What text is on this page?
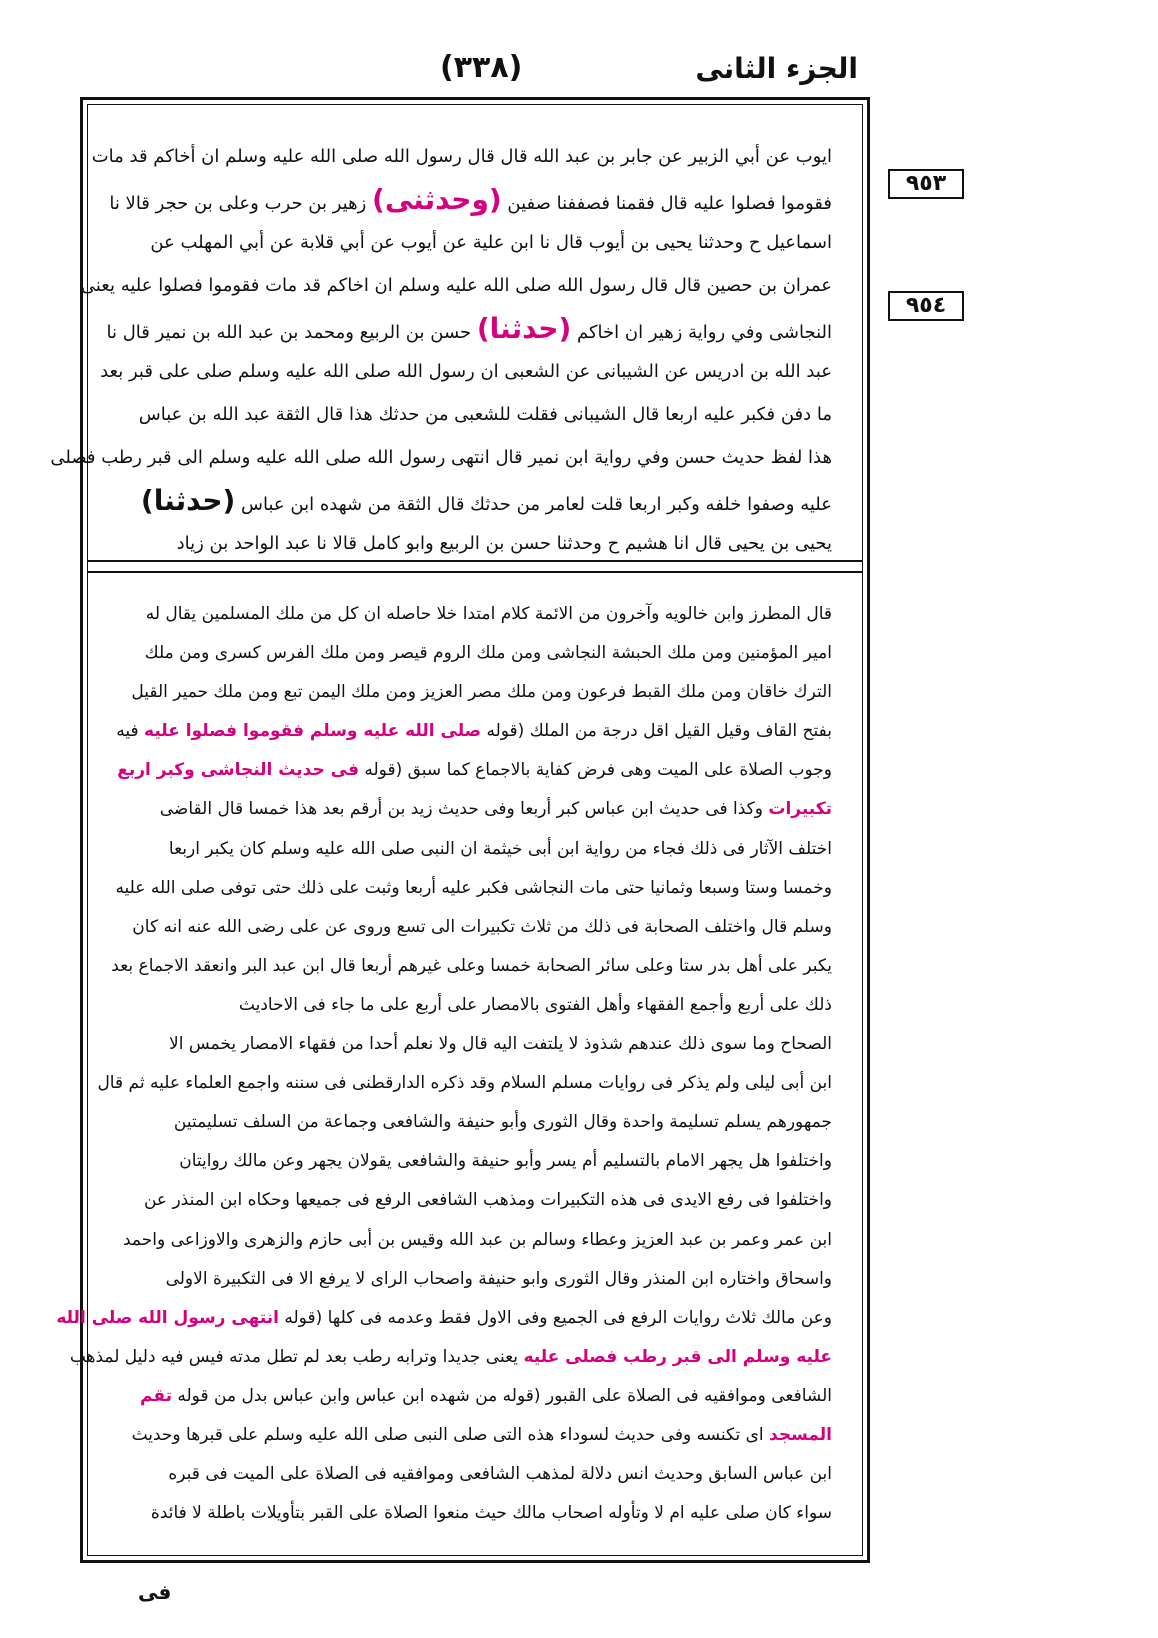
الجزء الثانى
(٣٣٨)
٩٥٣
٩٥٤

ايوب عن أبي الزبير عن جابر بن عبد الله قال قال رسول الله صلى الله عليه وسلم ان أخاكم قد مات

فقوموا فصلوا عليه قال فقمنا فصففنا صفين (وحدثنى) زهير بن حرب وعلى بن حجر قالا نا

اسماعيل ح وحدثنا يحيى بن أيوب قال نا ابن علية عن أيوب عن أبي قلابة عن أبي المهلب عن

عمران بن حصين قال قال رسول الله صلى الله عليه وسلم ان اخاكم قد مات فقوموا فصلوا عليه يعنى

النجاشى وفي رواية زهير ان اخاكم (حدثنا) حسن بن الربيع ومحمد بن عبد الله بن نمير قال نا

عبد الله بن ادريس عن الشيبانى عن الشعبى ان رسول الله صلى الله عليه وسلم صلى على قبر بعد

ما دفن فكبر عليه اربعا قال الشيبانى فقلت للشعبى من حدثك هذا قال الثقة عبد الله بن عباس

هذا لفظ حديث حسن وفي رواية ابن نمير قال انتهى رسول الله صلى الله عليه وسلم الى قبر رطب فصلى

عليه وصفوا خلفه وكبر اربعا قلت لعامر من حدثك قال الثقة من شهده ابن عباس (حدثنا)

يحيى بن يحيى قال انا هشيم ح وحدثنا حسن بن الربيع وابو كامل قالا نا عبد الواحد بن زياد

قال المطرز وابن خالويه وآخرون من الائمة كلام امتدا خلا حاصله ان كل من ملك المسلمين يقال له

امير المؤمنين ومن ملك الحبشة النجاشى ومن ملك الروم قيصر ومن ملك الفرس كسرى ومن ملك

الترك خاقان ومن ملك القبط فرعون ومن ملك مصر العزيز ومن ملك اليمن تبع ومن ملك حمير القيل

بفتح القاف وقيل القيل اقل درجة من الملك (قوله صلى الله عليه وسلم فقوموا فصلوا عليه فيه

وجوب الصلاة على الميت وهى فرض كفاية بالاجماع كما سبق (قوله فى حديث النجاشى وكبر اربع

تكبيرات وكذا فى حديث ابن عباس كبر أربعا وفى حديث زيد بن أرقم بعد هذا خمسا قال القاضى

اختلف الآثار فى ذلك فجاء من رواية ابن أبى خيثمة ان النبى صلى الله عليه وسلم كان يكبر اربعا

وخمسا وستا وسبعا وثمانيا حتى مات النجاشى فكبر عليه أربعا وثبت على ذلك حتى توفى صلى الله عليه

وسلم قال واختلف الصحابة فى ذلك من ثلاث تكبيرات الى تسع وروى عن على رضى الله عنه انه كان

يكبر على أهل بدر ستا وعلى سائر الصحابة خمسا وعلى غيرهم أربعا قال ابن عبد البر وانعقد الاجماع بعد

ذلك على أربع وأجمع الفقهاء وأهل الفتوى بالامصار على أربع على ما جاء فى الاحاديث

الصحاح وما سوى ذلك عندهم شذوذ لا يلتفت اليه قال ولا نعلم أحدا من فقهاء الامصار يخمس الا

ابن أبى ليلى ولم يذكر فى روايات مسلم السلام وقد ذكره الدارقطنى فى سننه واجمع العلماء عليه ثم قال

جمهورهم يسلم تسليمة واحدة وقال الثورى وأبو حنيفة والشافعى وجماعة من السلف تسليمتين

واختلفوا هل يجهر الامام بالتسليم أم يسر وأبو حنيفة والشافعى يقولان يجهر وعن مالك روايتان

واختلفوا فى رفع الايدى فى هذه التكبيرات ومذهب الشافعى الرفع فى جميعها وحكاه ابن المنذر عن

ابن عمر وعمر بن عبد العزيز وعطاء وسالم بن عبد الله وقيس بن أبى حازم والزهرى والاوزاعى واحمد

واسحاق واختاره ابن المنذر وقال الثورى وابو حنيفة واصحاب الراى لا يرفع الا فى التكبيرة الاولى

وعن مالك ثلاث روايات الرفع فى الجميع وفى الاول فقط وعدمه فى كلها (قوله انتهى رسول الله صلى الله

عليه وسلم الى قبر رطب فصلى عليه يعنى جديدا وترابه رطب بعد لم تطل مدته فيس فيه دليل لمذهب

الشافعى وموافقيه فى الصلاة على القبور (قوله من شهده ابن عباس وابن عباس بدل من قوله تقم

المسجد اى تكنسه وفى حديث لسوداء هذه التى صلى النبى صلى الله عليه وسلم على قبرها وحديث

ابن عباس السابق وحديث انس دلالة لمذهب الشافعى وموافقيه فى الصلاة على الميت فى قبره

سواء كان صلى عليه ام لا وتأوله اصحاب مالك حيث منعوا الصلاة على القبر بتأويلات باطلة لا فائدة

فى
